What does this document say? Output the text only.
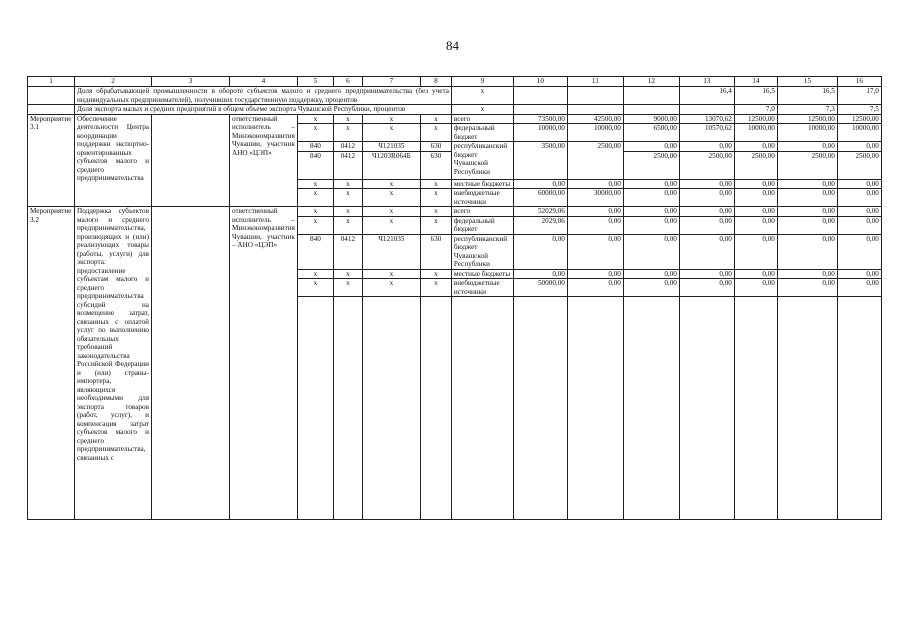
84
1	2	3	4	5	6	7	8	9	10	11	12	13	14	15	16
	Доля обрабатывающей промышленности в обороте субъектов малого и среднего предпринимательства (без учета индивидуальных предпринимателей), получивших государственную поддержку, процентов							х				16,4	16,5	16,5	17,0
	Доля экспорта малых и средних предприятий в общем объеме экспорта Чувашской Республики, процентов							х					7,0	7,3	7,5
Мероприятие 3.1	Обеспечение деятельности Центра координации поддержки экспортно-ориентированных субъектов малого и среднего предпринимательства		ответственный исполнитель – Минэкономразвития Чувашии, участник АНО «ЦЭП»	х	х	х	х	всего	73500,00	42500,00	9000,00	13070,62	12500,00	12500,00	12500,00
				х	х	х	х	федеральный бюджет	10000,00	10000,00	6500,00	10570,62	10000,00	10000,00	10000,00
				840	0412	Ч121035	630	республиканский бюджет Чувашской Республики	3500,00	2500,00	0,00	0,00	0,00	0,00	0,00
				840	0412	Ч1203R064Б	630				2500,00	2500,00	2500,00	2500,00	2500,00
				х	х	х	х	местные бюджеты	0,00	0,00	0,00	0,00	0,00	0,00	0,00
				х	х	х	х	внебюджетные источники	60000,00	30000,00	0,00	0,00	0,00	0,00	0,00
Мероприятие 3.2	Поддержка субъектов малого и среднего предпринимательства, производящих и (или) реализующих товары (работы, услуги) для экспорта: предоставление субъектам малого и среднего предпринимательства субсидий на возмещение затрат, связанных с оплатой услуг по выполнению обязательных требований законодательства Российской Федерации и (или) страны-импортера, являющихся необходимыми для экспорта товаров (работ, услуг), и компенсация затрат субъектов малого и среднего предпринимательства, связанных с		ответственный исполнитель – Минэкономразвития Чувашии, участник – АНО «ЦЭП»	х	х	х	х	всего	52029,06	0,00	0,00	0,00	0,00	0,00	0,00
				х	х	х	х	федеральный бюджет	2029,06	0,00	0,00	0,00	0,00	0,00	0,00
				840	0412	Ч121035	630	республиканский бюджет Чувашской Республики	0,00	0,00	0,00	0,00	0,00	0,00	0,00
				х	х	х	х	местные бюджеты	0,00	0,00	0,00	0,00	0,00	0,00	0,00
				х	х	х	х	внебюджетные источники	50000,00	0,00	0,00	0,00	0,00	0,00	0,00
